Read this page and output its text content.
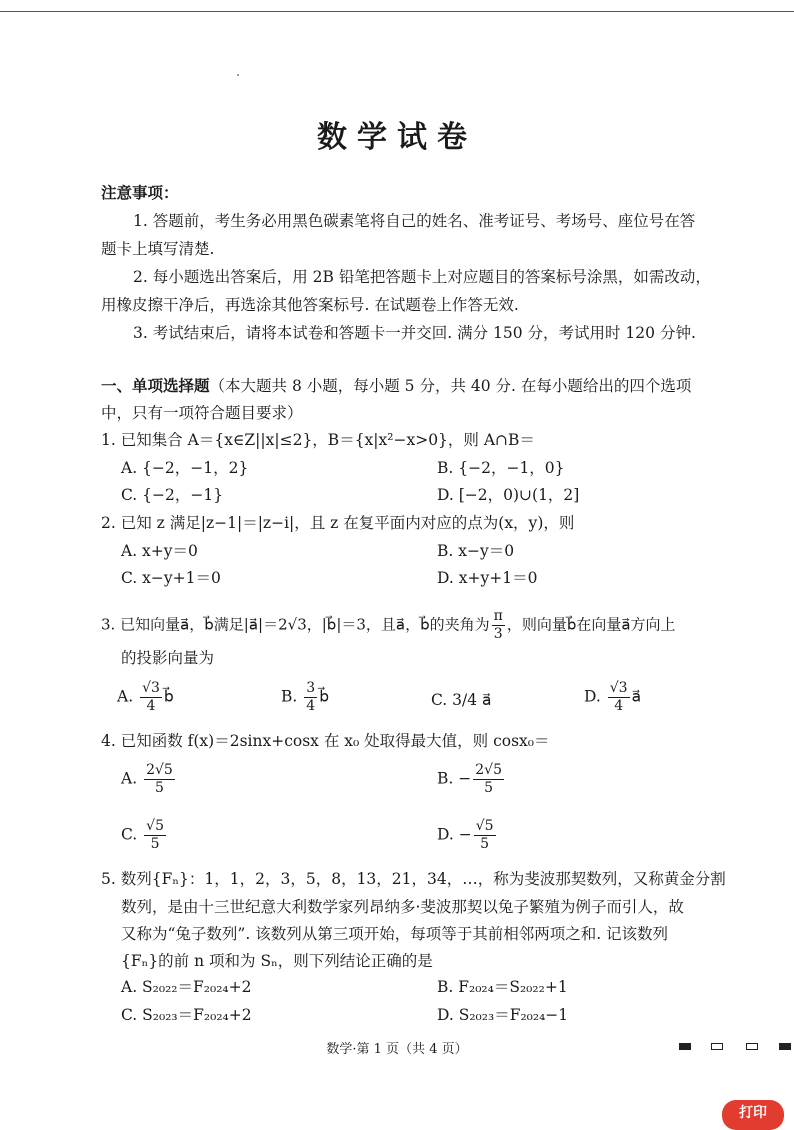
数学试卷
注意事项：
1. 答题前，考生务必用黑色碳素笔将自己的姓名、准考证号、考场号、座位号在答
题卡上填写清楚.
2. 每小题选出答案后，用 2B 铅笔把答题卡上对应题目的答案标号涂黑，如需改动，
用橡皮擦干净后，再选涂其他答案标号. 在试题卷上作答无效.
3. 考试结束后，请将本试卷和答题卡一并交回. 满分 150 分，考试用时 120 分钟.
一、单项选择题（本大题共 8 小题，每小题 5 分，共 40 分. 在每小题给出的四个选项
中，只有一项符合题目要求）
1. 已知集合 A＝{x∈Z||x|≤2}，B＝{x|x²−x>0}，则 A∩B＝
A. {−2，−1，2}	B. {−2，−1，0}
C. {−2，−1}	D. [−2，0)∪(1，2]
2. 已知 z 满足|z−1|＝|z−i|，且 z 在复平面内对应的点为(x，y)，则
A. x+y＝0	B. x−y＝0
C. x−y+1＝0	D. x+y+1＝0
3. 已知向量a⃗，b⃗满足|a⃗|＝2√3，|b⃗|＝3，且a⃗，b⃗的夹角为 $\frac{\pi}{3}$ ，则向量b⃗在向量a⃗方向上
的投影向量为
A. $\frac{√3}{4}$ b⃗	B. $\frac{3}{4}$ b⃗	C. 3/4 a⃗	D. $\frac{√3}{4}$ a⃗
4. 已知函数 f(x)＝2sinx+cosx 在 x₀ 处取得最大值，则 cosx₀＝
A. $\frac{2√5}{5}$	B. − $\frac{2√5}{5}$
C. $\frac{√5}{5}$	D. − $\frac{√5}{5}$
5. 数列{Fₙ}：1，1，2，3，5，8，13，21，34，…，称为斐波那契数列，又称黄金分割
数列，是由十三世纪意大利数学家列昂纳多·斐波那契以兔子繁殖为例子而引人，故
又称为“兔子数列”. 该数列从第三项开始，每项等于其前相邻两项之和. 记该数列
{Fₙ}的前 n 项和为 Sₙ，则下列结论正确的是
A. S₂₀₂₂＝F₂₀₂₄+2	B. F₂₀₂₄＝S₂₀₂₂+1
C. S₂₀₂₃＝F₂₀₂₄+2	D. S₂₀₂₃＝F₂₀₂₄−1
数学·第 1 页（共 4 页）
打印
